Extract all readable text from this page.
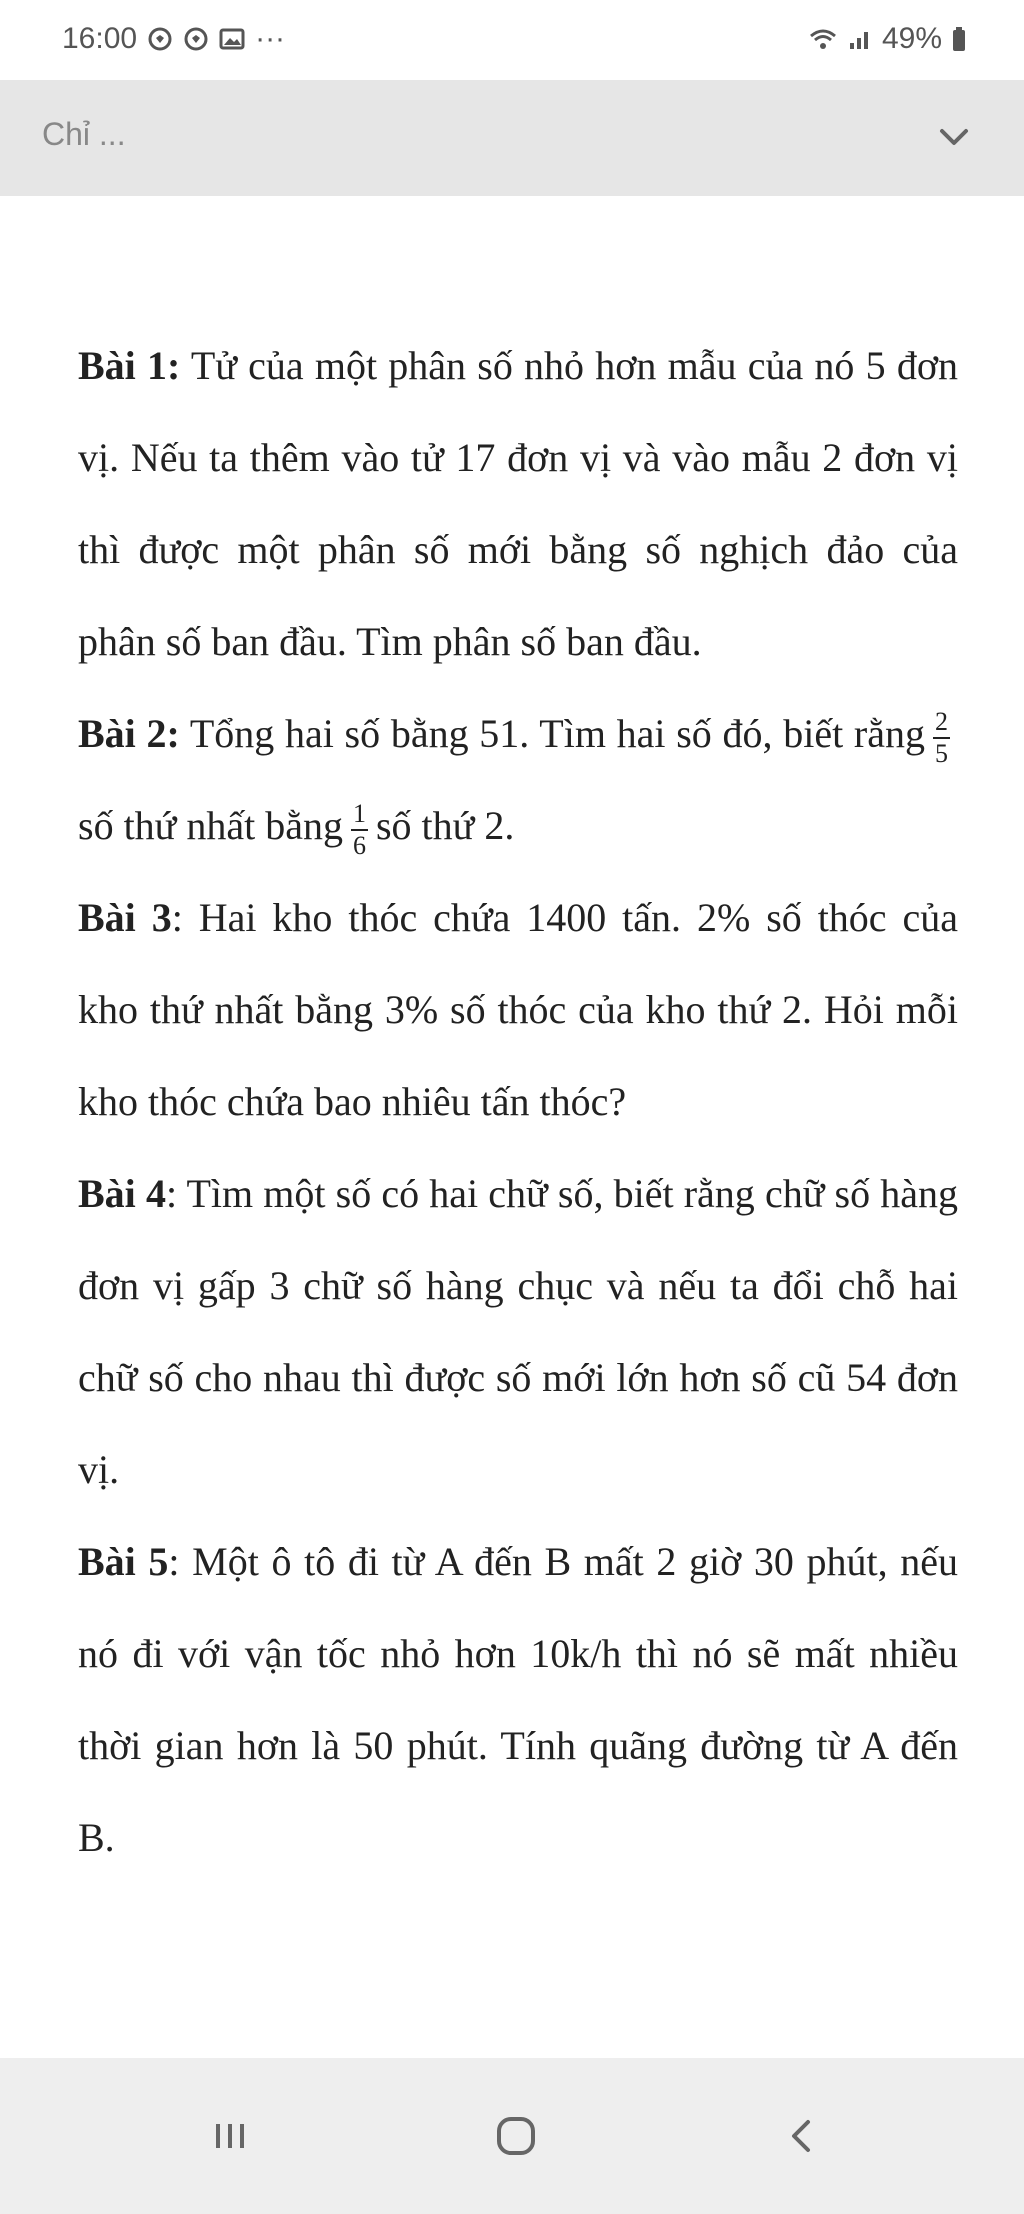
16:00	···	49%
Chỉ ...

Bài 1: Tử của một phân số nhỏ hơn mẫu của nó 5 đơn vị. Nếu ta thêm vào tử 17 đơn vị và vào mẫu 2 đơn vị thì được một phân số mới bằng số nghịch đảo của phân số ban đầu. Tìm phân số ban đầu.

Bài 2: Tổng hai số bằng 51. Tìm hai số đó, biết rằng $\frac{2}{5}$
số thứ nhất bằng $\frac{1}{6}$ số thứ 2.

Bài 3: Hai kho thóc chứa 1400 tấn. 2% số thóc của kho thứ nhất bằng 3% số thóc của kho thứ 2. Hỏi mỗi kho thóc chứa bao nhiêu tấn thóc?

Bài 4: Tìm một số có hai chữ số, biết rằng chữ số hàng đơn vị gấp 3 chữ số hàng chục và nếu ta đổi chỗ hai chữ số cho nhau thì được số mới lớn hơn số cũ 54 đơn vị.

Bài 5: Một ô tô đi từ A đến B mất 2 giờ 30 phút, nếu nó đi với vận tốc nhỏ hơn 10k/h thì nó sẽ mất nhiều thời gian hơn là 50 phút. Tính quãng đường từ A đến B.
